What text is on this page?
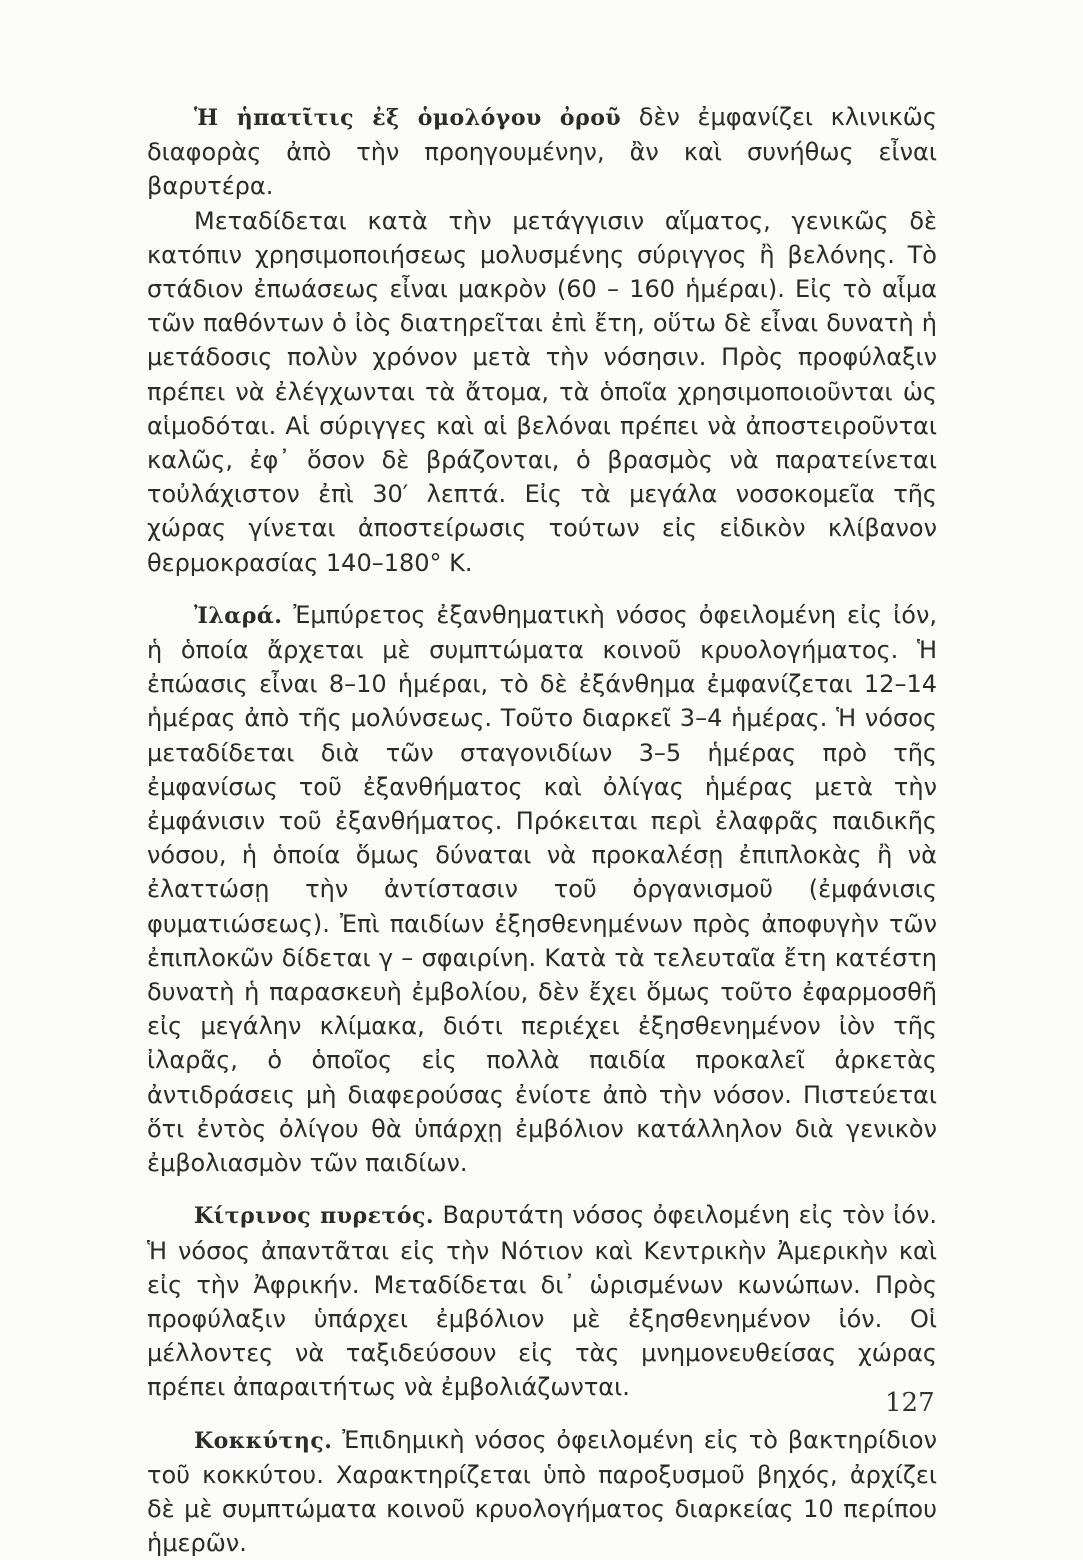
Ἡ ἡπατῖτις ἐξ ὁμολόγου ὀροῦ δὲν ἐμφανίζει κλινικῶς διαφορὰς ἀπὸ τὴν προηγουμένην, ἂν καὶ συνήθως εἶναι βαρυτέρα.

Μεταδίδεται κατὰ τὴν μετάγγισιν αἵματος, γενικῶς δὲ κατόπιν χρησιμοποιήσεως μολυσμένης σύριγγος ἢ βελόνης. Τὸ στάδιον ἐπωάσεως εἶναι μακρὸν (60 – 160 ἡμέραι). Εἰς τὸ αἷμα τῶν παθόντων ὁ ἰὸς διατηρεῖται ἐπὶ ἔτη, οὕτω δὲ εἶναι δυνατὴ ἡ μετάδοσις πολὺν χρόνον μετὰ τὴν νόσησιν. Πρὸς προφύλαξιν πρέπει νὰ ἐλέγχωνται τὰ ἄτομα, τὰ ὁποῖα χρησιμοποιοῦνται ὡς αἱμοδόται. Αἱ σύριγγες καὶ αἱ βελόναι πρέπει νὰ ἀποστειροῦνται καλῶς, ἐφ᾽ ὅσον δὲ βράζονται, ὁ βρασμὸς νὰ παρατείνεται τοὐλάχιστον ἐπὶ 30′ λεπτά. Εἰς τὰ μεγάλα νοσοκομεῖα τῆς χώρας γίνεται ἀποστείρωσις τούτων εἰς εἰδικὸν κλίβανον θερμοκρασίας 140–180° Κ.

Ἰλαρά. Ἐμπύρετος ἐξανθηματικὴ νόσος ὀφειλομένη εἰς ἰόν, ἡ ὁποία ἄρχεται μὲ συμπτώματα κοινοῦ κρυολογήματος. Ἡ ἐπώασις εἶναι 8–10 ἡμέραι, τὸ δὲ ἐξάνθημα ἐμφανίζεται 12–14 ἡμέρας ἀπὸ τῆς μολύνσεως. Τοῦτο διαρκεῖ 3–4 ἡμέρας. Ἡ νόσος μεταδίδεται διὰ τῶν σταγονιδίων 3–5 ἡμέρας πρὸ τῆς ἐμφανίσως τοῦ ἐξανθήματος καὶ ὀλίγας ἡμέρας μετὰ τὴν ἐμφάνισιν τοῦ ἐξανθήματος. Πρόκειται περὶ ἐλαφρᾶς παιδικῆς νόσου, ἡ ὁποία ὅμως δύναται νὰ προκαλέσῃ ἐπιπλοκὰς ἢ νὰ ἐλαττώσῃ τὴν ἀντίστασιν τοῦ ὀργανισμοῦ (ἐμφάνισις φυματιώσεως). Ἐπὶ παιδίων ἐξησθενημένων πρὸς ἀποφυγὴν τῶν ἐπιπλοκῶν δίδεται γ – σφαιρίνη. Κατὰ τὰ τελευταῖα ἔτη κατέστη δυνατὴ ἡ παρασκευὴ ἐμβολίου, δὲν ἔχει ὅμως τοῦτο ἐφαρμοσθῆ εἰς μεγάλην κλίμακα, διότι περιέχει ἐξησθενημένον ἰὸν τῆς ἰλαρᾶς, ὁ ὁποῖος εἰς πολλὰ παιδία προκαλεῖ ἀρκετὰς ἀντιδράσεις μὴ διαφερούσας ἐνίοτε ἀπὸ τὴν νόσον. Πιστεύεται ὅτι ἐντὸς ὀλίγου θὰ ὑπάρχῃ ἐμβόλιον κατάλληλον διὰ γενικὸν ἐμβολιασμὸν τῶν παιδίων.

Κίτρινος πυρετός. Βαρυτάτη νόσος ὀφειλομένη εἰς τὸν ἰόν. Ἡ νόσος ἀπαντᾶται εἰς τὴν Νότιον καὶ Κεντρικὴν Ἀμερικὴν καὶ εἰς τὴν Ἀφρικήν. Μεταδίδεται δι᾽ ὡρισμένων κωνώπων. Πρὸς προφύλαξιν ὑπάρχει ἐμβόλιον μὲ ἐξησθενημένον ἰόν. Οἱ μέλλοντες νὰ ταξιδεύσουν εἰς τὰς μνημονευθείσας χώρας πρέπει ἀπαραιτήτως νὰ ἐμβολιάζωνται.

Κοκκύτης. Ἐπιδημικὴ νόσος ὀφειλομένη εἰς τὸ βακτηρίδιον τοῦ κοκκύτου. Χαρακτηρίζεται ὑπὸ παροξυσμοῦ βηχός, ἀρχίζει δὲ μὲ συμπτώματα κοινοῦ κρυολογήματος διαρκείας 10 περίπου ἡμερῶν.

127
